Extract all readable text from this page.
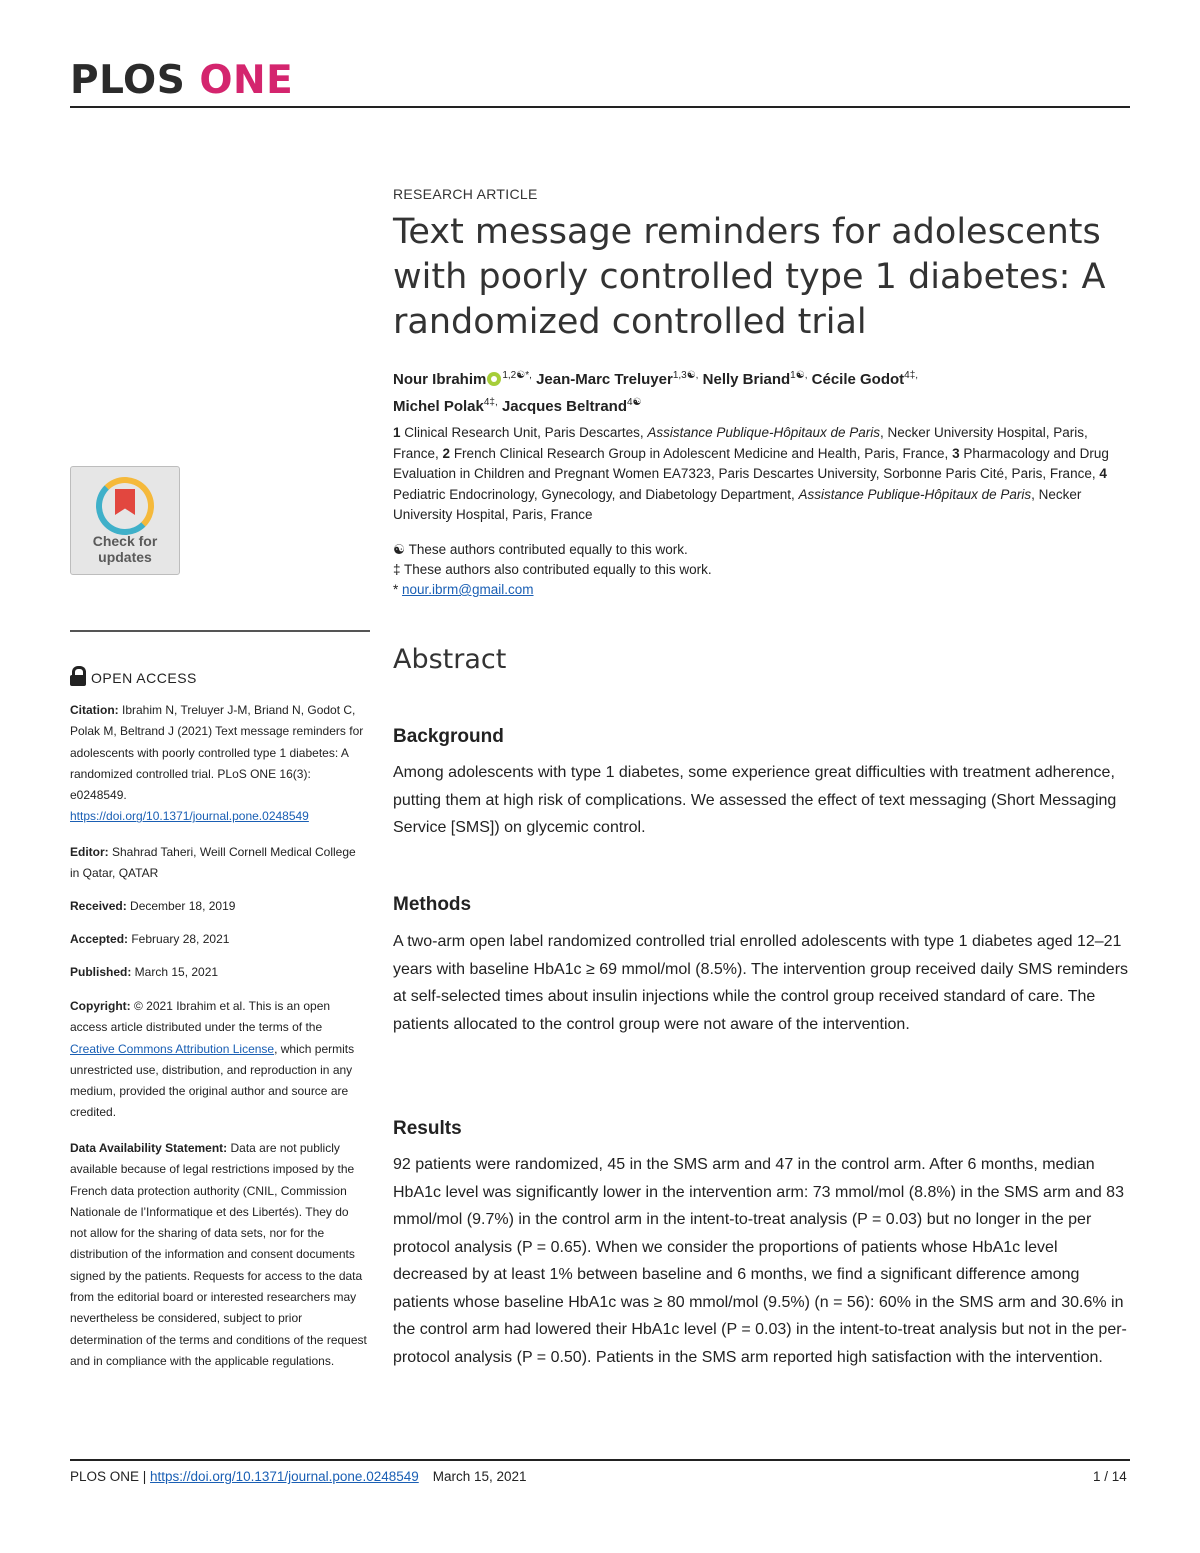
PLOS ONE
RESEARCH ARTICLE
Text message reminders for adolescents with poorly controlled type 1 diabetes: A randomized controlled trial
Nour Ibrahim $^{1,2☯*,}$ Jean-Marc Treluyer$^{1,3☯,}$ Nelly Briand$^{1☯,}$ Cécile Godot$^{4\ddagger,}$
Michel Polak$^{4\ddagger,}$ Jacques Beltrand$^{4☯}$
1 Clinical Research Unit, Paris Descartes, Assistance Publique-Hôpitaux de Paris, Necker University Hospital, Paris, France, 2 French Clinical Research Group in Adolescent Medicine and Health, Paris, France, 3 Pharmacology and Drug Evaluation in Children and Pregnant Women EA7323, Paris Descartes University, Sorbonne Paris Cité, Paris, France, 4 Pediatric Endocrinology, Gynecology, and Diabetology Department, Assistance Publique-Hôpitaux de Paris, Necker University Hospital, Paris, France
☯ These authors contributed equally to this work.
‡ These authors also contributed equally to this work.
* nour.ibrm@gmail.com
Abstract
Background
Among adolescents with type 1 diabetes, some experience great difficulties with treatment adherence, putting them at high risk of complications. We assessed the effect of text messaging (Short Messaging Service [SMS]) on glycemic control.
Methods
A two-arm open label randomized controlled trial enrolled adolescents with type 1 diabetes aged 12–21 years with baseline HbA1c ≥ 69 mmol/mol (8.5%). The intervention group received daily SMS reminders at self-selected times about insulin injections while the control group received standard of care. The patients allocated to the control group were not aware of the intervention.
Results
92 patients were randomized, 45 in the SMS arm and 47 in the control arm. After 6 months, median HbA1c level was significantly lower in the intervention arm: 73 mmol/mol (8.8%) in the SMS arm and 83 mmol/mol (9.7%) in the control arm in the intent-to-treat analysis (P = 0.03) but no longer in the per protocol analysis (P = 0.65). When we consider the proportions of patients whose HbA1c level decreased by at least 1% between baseline and 6 months, we find a significant difference among patients whose baseline HbA1c was ≥ 80 mmol/mol (9.5%) (n = 56): 60% in the SMS arm and 30.6% in the control arm had lowered their HbA1c level (P = 0.03) in the intent-to-treat analysis but not in the per-protocol analysis (P = 0.50). Patients in the SMS arm reported high satisfaction with the intervention.
Check for
updates
OPEN ACCESS
Citation: Ibrahim N, Treluyer J-M, Briand N, Godot C, Polak M, Beltrand J (2021) Text message reminders for adolescents with poorly controlled type 1 diabetes: A randomized controlled trial. PLoS ONE 16(3): e0248549. https://doi.org/10.1371/journal.pone.0248549
Editor: Shahrad Taheri, Weill Cornell Medical College in Qatar, QATAR
Received: December 18, 2019
Accepted: February 28, 2021
Published: March 15, 2021
Copyright: © 2021 Ibrahim et al. This is an open access article distributed under the terms of the Creative Commons Attribution License, which permits unrestricted use, distribution, and reproduction in any medium, provided the original author and source are credited.
Data Availability Statement: Data are not publicly available because of legal restrictions imposed by the French data protection authority (CNIL, Commission Nationale de l’Informatique et des Libertés). They do not allow for the sharing of data sets, nor for the distribution of the information and consent documents signed by the patients. Requests for access to the data from the editorial board or interested researchers may nevertheless be considered, subject to prior determination of the terms and conditions of the request and in compliance with the applicable regulations.
PLOS ONE | https://doi.org/10.1371/journal.pone.0248549 March 15, 2021	1 / 14
